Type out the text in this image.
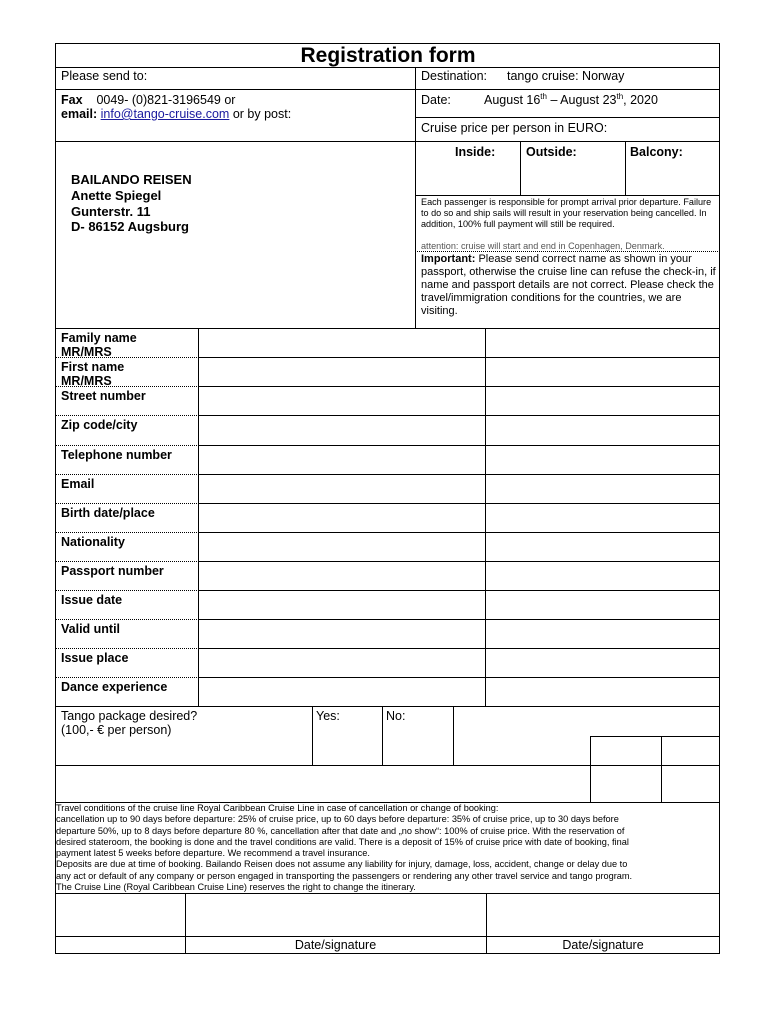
Registration form
Please send to:	Destination: tango cruise: Norway
Fax 0049- (0)821-3196549 or
email: info@tango-cruise.com or by post:
Date:	August 16th – August 23th, 2020
Cruise price per person in EURO:
Inside: Outside:	Balcony:
BAILANDO REISEN
Anette Spiegel
Gunterstr. 11
D- 86152 Augsburg
Each passenger is responsible for prompt arrival prior departure. Failure to do so and ship sails will result in your reservation being cancelled. In addition, 100% full payment will still be required.
attention: cruise will start and end in Copenhagen, Denmark.
Important: Please send correct name as shown in your passport, otherwise the cruise line can refuse the check-in, if name and passport details are not correct. Please check the travel/immigration conditions for the countries, we are visiting.
Family name
MR/MRS
First name
MR/MRS
Street number
Zip code/city
Telephone number
Email
Birth date/place
Nationality
Passport number
Issue date
Valid until
Issue place
Dance experience
Tango package desired?
(100,- € per person)
Yes:	No:
Travel conditions of the cruise line Royal Caribbean Cruise Line in case of cancellation or change of booking:
cancellation up to 90 days before departure: 25% of cruise price, up to 60 days before departure: 35% of cruise price, up to 30 days before
departure 50%, up to 8 days before departure 80 %, cancellation after that date and „no show“: 100% of cruise price. With the reservation of
desired stateroom, the booking is done and the travel conditions are valid. There is a deposit of 15% of cruise price with date of booking, final
payment latest 5 weeks before departure. We recommend a travel insurance.
Deposits are due at time of booking. Bailando Reisen does not assume any liability for injury, damage, loss, accident, change or delay due to
any act or default of any company or person engaged in transporting the passengers or rendering any other travel service and tango program.
The Cruise Line (Royal Caribbean Cruise Line) reserves the right to change the itinerary.
Date/signature	Date/signature
